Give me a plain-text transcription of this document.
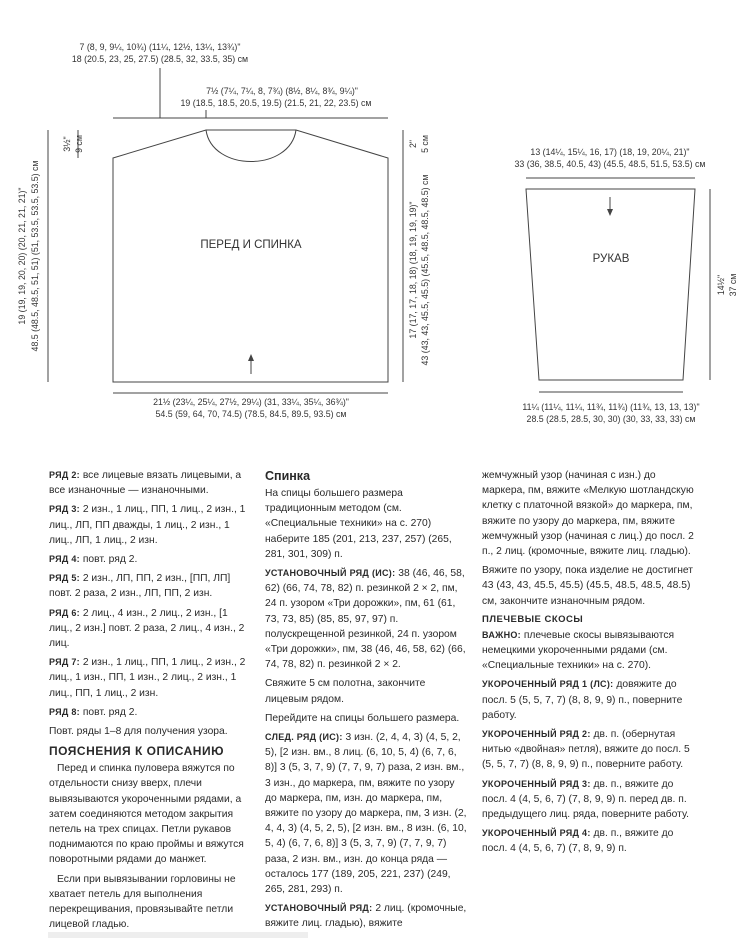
ПЕРЕД И СПИНКА
7 (8, 9, 9¼, 10¾) (11¼, 12½, 13¼, 13¾)"
18 (20.5, 23, 25, 27.5) (28.5, 32, 33.5, 35) см
7½ (7¼, 7¼, 8, 7¾) (8½, 8¼, 8¾, 9¼)"
19 (18.5, 18.5, 20.5, 19.5) (21.5, 21, 22, 23.5) см
3½" 9 см
19 (19, 19, 20, 20) (20, 21, 21, 21)" 48.5 (48.5, 48.5, 51, 51) (51, 53.5, 53.5, 53.5) см
2" 5 см
17 (17, 17, 18, 18) (18, 19, 19, 19)" 43 (43, 43, 45.5, 45.5) (45.5, 48.5, 48.5, 48.5) см
21½ (23¼, 25¼, 27½, 29¼) (31, 33¼, 35¼, 36¾)"
54.5 (59, 64, 70, 74.5) (78.5, 84.5, 89.5, 93.5) см
РУКАВ
13 (14¼, 15¼, 16, 17) (18, 19, 20¼, 21)"
33 (36, 38.5, 40.5, 43) (45.5, 48.5, 51.5, 53.5) см
14½" 37 см
11¼ (11¼, 11¼, 11¾, 11¾) (11¾, 13, 13, 13)"
28.5 (28.5, 28.5, 30, 30) (30, 33, 33, 33) см

РЯД 2: все лицевые вязать лицевыми, а все изнаночные — изнаночными.

РЯД 3: 2 изн., 1 лиц., ПП, 1 лиц., 2 изн., 1 лиц., ЛП, ПП дважды, 1 лиц., 2 изн., 1 лиц., ЛП, 1 лиц., 2 изн.

РЯД 4: повт. ряд 2.

РЯД 5: 2 изн., ЛП, ПП, 2 изн., [ПП, ЛП] повт. 2 раза, 2 изн., ЛП, ПП, 2 изн.

РЯД 6: 2 лиц., 4 изн., 2 лиц., 2 изн., [1 лиц., 2 изн.] повт. 2 раза, 2 лиц., 4 изн., 2 лиц.

РЯД 7: 2 изн., 1 лиц., ПП, 1 лиц., 2 изн., 2 лиц., 1 изн., ПП, 1 изн., 2 лиц., 2 изн., 1 лиц., ПП, 1 лиц., 2 изн.

РЯД 8: повт. ряд 2.

Повт. ряды 1–8 для получения узора.

ПОЯСНЕНИЯ К ОПИСАНИЮ

Перед и спинка пуловера вяжутся по отдельности снизу вверх, плечи вывязываются укороченными рядами, а затем соединяются методом закрытия петель на трех спицах. Петли рукавов поднимаются по краю проймы и вяжутся поворотными рядами до манжет.

Если при вывязывании горловины не хватает петель для выполнения перекрещивания, провязывайте петли лицевой гладью.

Спинка

На спицы большего размера традиционным методом (см. «Специальные техники» на с. 270) наберите 185 (201, 213, 237, 257) (265, 281, 301, 309) п.

УСТАНОВОЧНЫЙ РЯД (ИС): 38 (46, 46, 58, 62) (66, 74, 78, 82) п. резинкой 2 × 2, пм, 24 п. узором «Три дорожки», пм, 61 (61, 73, 73, 85) (85, 85, 97, 97) п. полускрещенной резинкой, 24 п. узором «Три дорожки», пм, 38 (46, 46, 58, 62) (66, 74, 78, 82) п. резинкой 2 × 2.

Свяжите 5 см полотна, закончите лицевым рядом.

Перейдите на спицы большего размера.

СЛЕД. РЯД (ИС): 3 изн. (2, 4, 4, 3) (4, 5, 2, 5), [2 изн. вм., 8 лиц. (6, 10, 5, 4) (6, 7, 6, 8)] 3 (5, 3, 7, 9) (7, 7, 9, 7) раза, 2 изн. вм., 3 изн., до маркера, пм, вяжите по узору до маркера, пм, изн. до маркера, пм, вяжите по узору до маркера, пм, 3 изн. (2, 4, 4, 3) (4, 5, 2, 5), [2 изн. вм., 8 изн. (6, 10, 5, 4) (6, 7, 6, 8)] 3 (5, 3, 7, 9) (7, 7, 9, 7) раза, 2 изн. вм., изн. до конца ряда — осталось 177 (189, 205, 221, 237) (249, 265, 281, 293) п.

УСТАНОВОЧНЫЙ РЯД: 2 лиц. (кромочные, вяжите лиц. гладью), вяжите

жемчужный узор (начиная с изн.) до маркера, пм, вяжите «Мелкую шотландскую клетку с платочной вязкой» до маркера, пм, вяжите по узору до маркера, пм, вяжите жемчужный узор (начиная с лиц.) до посл. 2 п., 2 лиц. (кромочные, вяжите лиц. гладью).

Вяжите по узору, пока изделие не достигнет 43 (43, 43, 45.5, 45.5) (45.5, 48.5, 48.5, 48.5) см, закончите изнаночным рядом.

ПЛЕЧЕВЫЕ СКОСЫ

ВАЖНО: плечевые скосы вывязываются немецкими укороченными рядами (см. «Специальные техники» на с. 270).

УКОРОЧЕННЫЙ РЯД 1 (ЛС): довяжите до посл. 5 (5, 5, 7, 7) (8, 8, 9, 9) п., поверните работу.

УКОРОЧЕННЫЙ РЯД 2: дв. п. (обернутая нитью «двойная» петля), вяжите до посл. 5 (5, 5, 7, 7) (8, 8, 9, 9) п., поверните работу.

УКОРОЧЕННЫЙ РЯД 3: дв. п., вяжите до посл. 4 (4, 5, 6, 7) (7, 8, 9, 9) п. перед дв. п. предыдущего лиц. ряда, поверните работу.

УКОРОЧЕННЫЙ РЯД 4: дв. п., вяжите до посл. 4 (4, 5, 6, 7) (7, 8, 9, 9) п.
